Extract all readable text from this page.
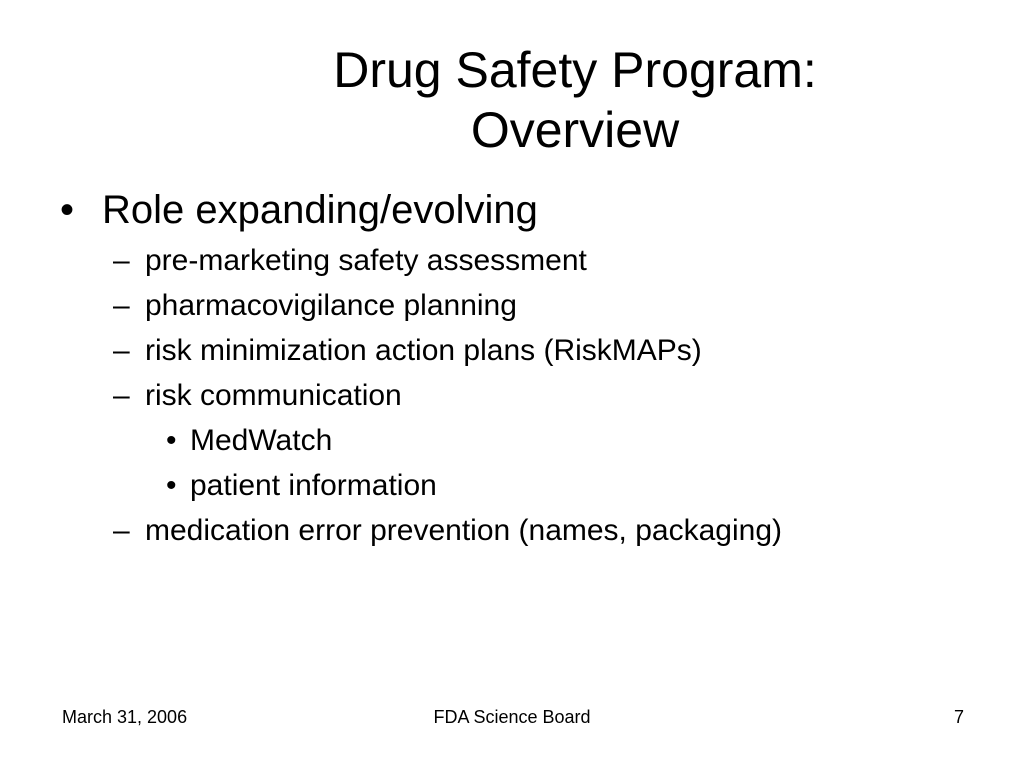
Drug Safety Program:
Overview
• Role expanding/evolving
– pre-marketing safety assessment
– pharmacovigilance planning
– risk minimization action plans (RiskMAPs)
– risk communication
• MedWatch
• patient information
– medication error prevention (names, packaging)
March 31, 2006	FDA Science Board	7
